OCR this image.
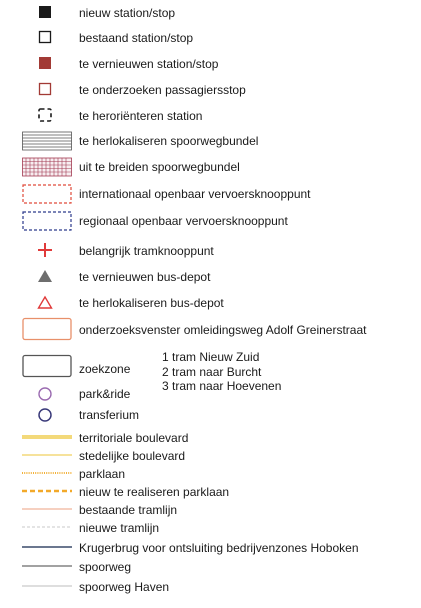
nieuw station/stop
bestaand station/stop
te vernieuwen station/stop
te onderzoeken passagiersstop
te heroriënteren station
te herlokaliseren spoorwegbundel
uit te breiden spoorwegbundel
internationaal openbaar vervoersknooppunt
regionaal openbaar vervoersknooppunt
belangrijk tramknooppunt
te vernieuwen bus-depot
te herlokaliseren bus-depot
onderzoeksvenster omleidingsweg Adolf Greinerstraat
zoekzone
1 tram Nieuw Zuid
2 tram naar Burcht
3 tram naar Hoevenen
park&ride
transferium
territoriale boulevard
stedelijke boulevard
parklaan
nieuw te realiseren parklaan
bestaande tramlijn
nieuwe tramlijn
Krugerbrug voor ontsluiting bedrijvenzones Hoboken
spoorweg
spoorweg Haven
